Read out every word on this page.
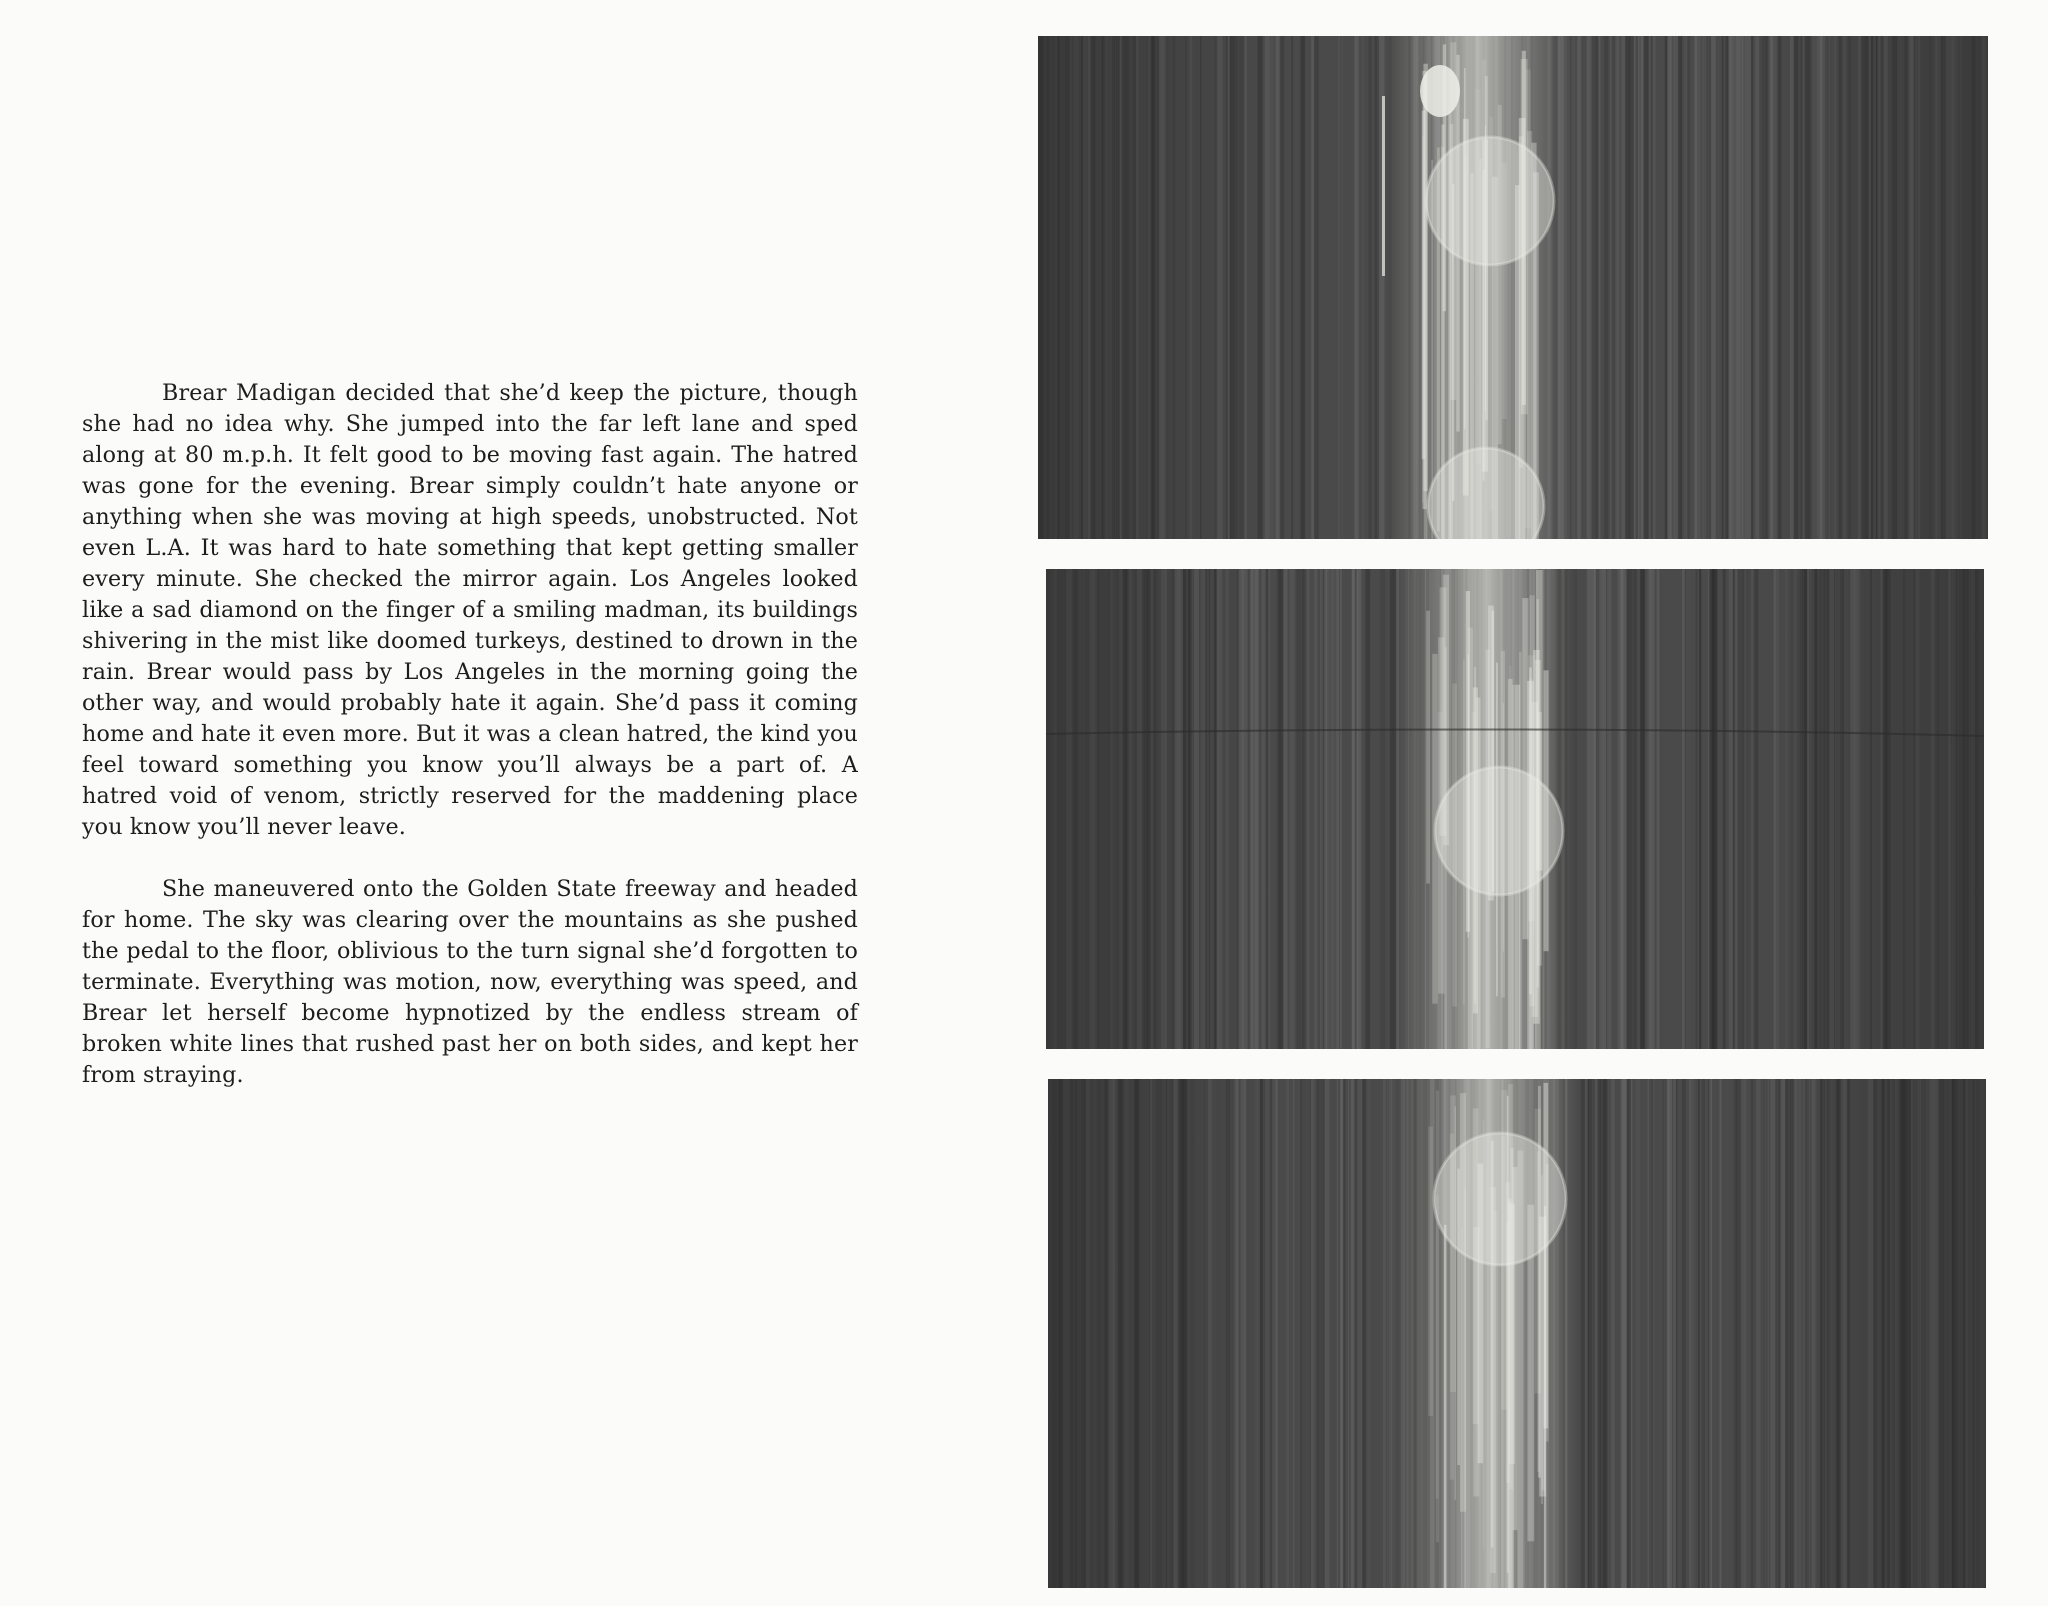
Brear Madigan decided that she’d keep the picture, though she had no idea why. She jumped into the far left lane and sped along at 80 m.p.h. It felt good to be moving fast again. The hatred was gone for the evening. Brear simply couldn’t hate anyone or anything when she was moving at high speeds, unobstructed. Not even L.A. It was hard to hate something that kept getting smaller every minute. She checked the mirror again. Los Angeles looked like a sad diamond on the finger of a smiling madman, its buildings shivering in the mist like doomed turkeys, destined to drown in the rain. Brear would pass by Los Angeles in the morning going the other way, and would probably hate it again. She’d pass it coming home and hate it even more. But it was a clean hatred, the kind you feel toward something you know you’ll always be a part of. A hatred void of venom, strictly reserved for the maddening place you know you’ll never leave.

She maneuvered onto the Golden State freeway and headed for home. The sky was clearing over the mountains as she pushed the pedal to the floor, oblivious to the turn signal she’d forgotten to terminate. Everything was motion, now, everything was speed, and Brear let herself become hypnotized by the endless stream of broken white lines that rushed past her on both sides, and kept her from straying.
